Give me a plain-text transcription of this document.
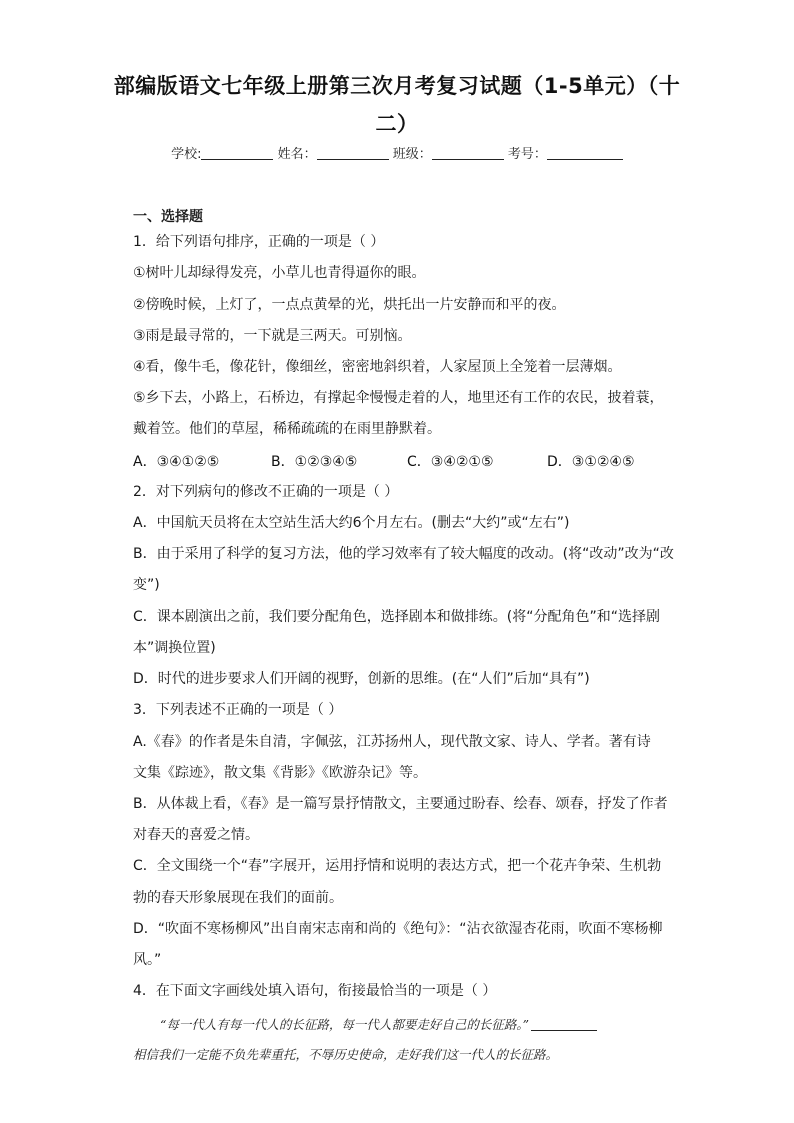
部编版语文七年级上册第三次月考复习试题（1-5单元）（十
二）
学校:	姓名：	班级：	考号：
一、选择题
1．给下列语句排序，正确的一项是（ ）
①树叶儿却绿得发亮，小草儿也青得逼你的眼。
②傍晚时候，上灯了，一点点黄晕的光，烘托出一片安静而和平的夜。
③雨是最寻常的，一下就是三两天。可别恼。
④看，像牛毛，像花针，像细丝，密密地斜织着，人家屋顶上全笼着一层薄烟。
⑤乡下去，小路上，石桥边，有撑起伞慢慢走着的人，地里还有工作的农民，披着蓑，
戴着笠。他们的草屋，稀稀疏疏的在雨里静默着。
A．③④①②⑤	B．①②③④⑤	C．③④②①⑤	D．③①②④⑤
2．对下列病句的修改不正确的一项是（ ）
A．中国航天员将在太空站生活大约6个月左右。(删去“大约”或“左右”)
B．由于采用了科学的复习方法，他的学习效率有了较大幅度的改动。(将“改动”改为“改
变”)
C．课本剧演出之前，我们要分配角色，选择剧本和做排练。(将“分配角色”和“选择剧
本”调换位置)
D．时代的进步要求人们开阔的视野，创新的思维。(在“人们”后加“具有”)
3．下列表述不正确的一项是（ ）
A.《春》的作者是朱自清，字佩弦，江苏扬州人，现代散文家、诗人、学者。著有诗
文集《踪迹》，散文集《背影》《欧游杂记》等。
B．从体裁上看，《春》是一篇写景抒情散文，主要通过盼春、绘春、颂春，抒发了作者
对春天的喜爱之情。
C．全文围绕一个“春”字展开，运用抒情和说明的表达方式，把一个花卉争荣、生机勃
勃的春天形象展现在我们的面前。
D．“吹面不寒杨柳风”出自南宋志南和尚的《绝句》：“沾衣欲湿杏花雨，吹面不寒杨柳
风。”
4．在下面文字画线处填入语句，衔接最恰当的一项是（ ）
“每一代人有每一代人的长征路，每一代人都要走好自己的长征路。”
相信我们一定能不负先辈重托，不辱历史使命，走好我们这一代人的长征路。
